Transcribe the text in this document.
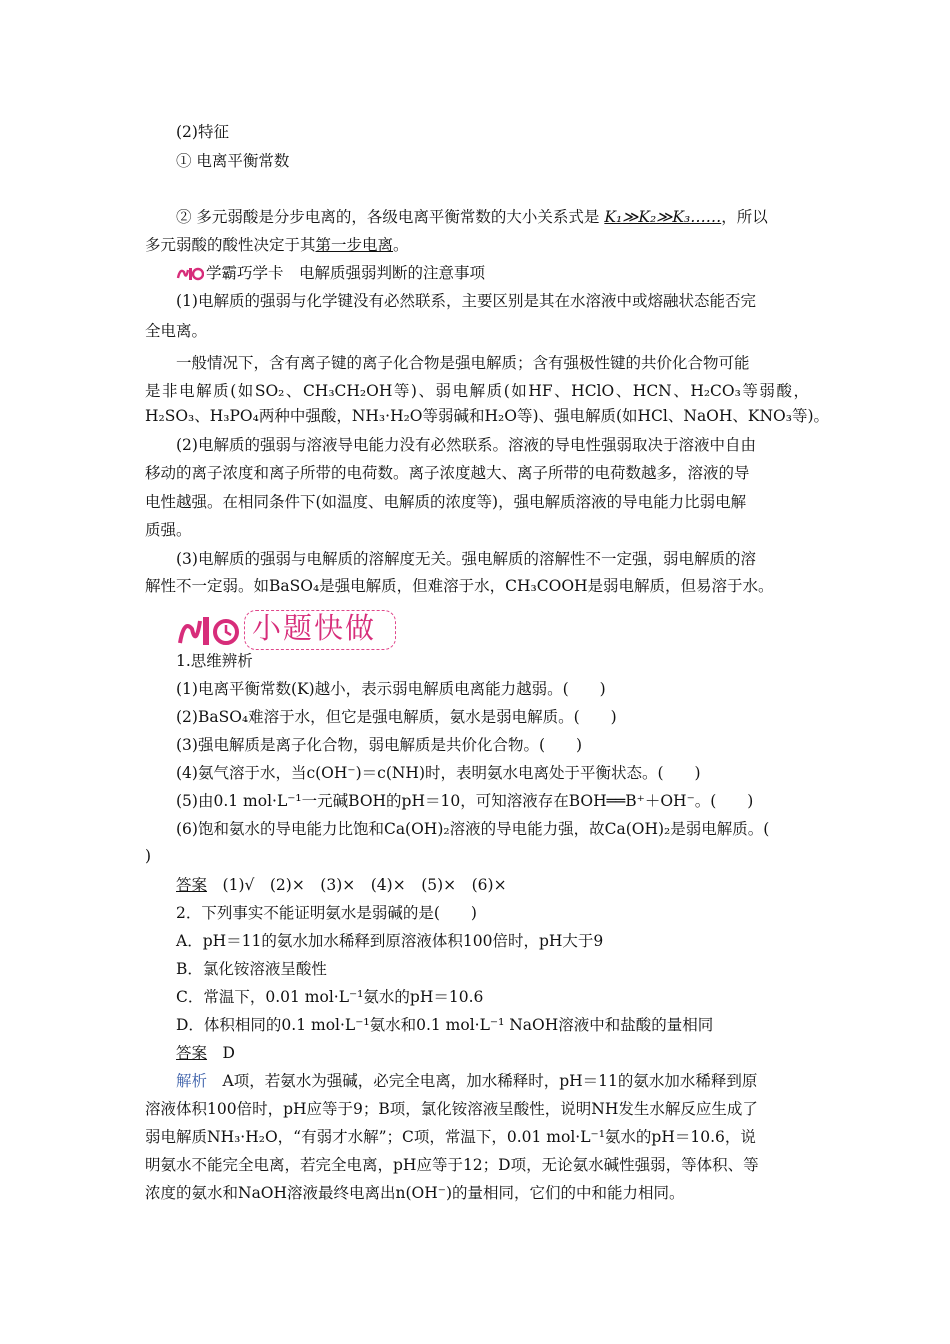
(2)特征
① 电离平衡常数
② 多元弱酸是分步电离的，各级电离平衡常数的大小关系式是 K₁≫K₂≫K₃……，所以
多元弱酸的酸性决定于其第一步电离。
学霸巧学卡　电解质强弱判断的注意事项
(1)电解质的强弱与化学键没有必然联系，主要区别是其在水溶液中或熔融状态能否完
全电离。
一般情况下，含有离子键的离子化合物是强电解质；含有强极性键的共价化合物可能
是非电解质(如SO₂、CH₃CH₂OH等)、弱电解质(如HF、HClO、HCN、H₂CO₃等弱酸，
H₂SO₃、H₃PO₄两种中强酸，NH₃·H₂O等弱碱和H₂O等)、强电解质(如HCl、NaOH、KNO₃等)。
(2)电解质的强弱与溶液导电能力没有必然联系。溶液的导电性强弱取决于溶液中自由
移动的离子浓度和离子所带的电荷数。离子浓度越大、离子所带的电荷数越多，溶液的导
电性越强。在相同条件下(如温度、电解质的浓度等)，强电解质溶液的导电能力比弱电解
质强。
(3)电解质的强弱与电解质的溶解度无关。强电解质的溶解性不一定强，弱电解质的溶
解性不一定弱。如BaSO₄是强电解质，但难溶于水，CH₃COOH是弱电解质，但易溶于水。
小题快做
1.思维辨析
(1)电离平衡常数(K)越小，表示弱电解质电离能力越弱。(　　)
(2)BaSO₄难溶于水，但它是强电解质，氨水是弱电解质。(　　)
(3)强电解质是离子化合物，弱电解质是共价化合物。(　　)
(4)氨气溶于水，当c(OH⁻)＝c(NH)时，表明氨水电离处于平衡状态。(　　)
(5)由0.1 mol·L⁻¹一元碱BOH的pH＝10，可知溶液存在BOH══B⁺＋OH⁻。(　　)
(6)饱和氨水的导电能力比饱和Ca(OH)₂溶液的导电能力强，故Ca(OH)₂是弱电解质。(
)
答案　 (1)√　(2)×　(3)×　(4)×　(5)×　(6)×
2．下列事实不能证明氨水是弱碱的是(　　)
A．pH＝11的氨水加水稀释到原溶液体积100倍时，pH大于9
B．氯化铵溶液呈酸性
C．常温下，0.01 mol·L⁻¹氨水的pH＝10.6
D．体积相同的0.1 mol·L⁻¹氨水和0.1 mol·L⁻¹ NaOH溶液中和盐酸的量相同
答案　 D
解析　A项，若氨水为强碱，必完全电离，加水稀释时，pH＝11的氨水加水稀释到原
溶液体积100倍时，pH应等于9；B项，氯化铵溶液呈酸性，说明NH发生水解反应生成了
弱电解质NH₃·H₂O，“有弱才水解”；C项，常温下，0.01 mol·L⁻¹氨水的pH＝10.6，说
明氨水不能完全电离，若完全电离，pH应等于12；D项，无论氨水碱性强弱，等体积、等
浓度的氨水和NaOH溶液最终电离出n(OH⁻)的量相同，它们的中和能力相同。
